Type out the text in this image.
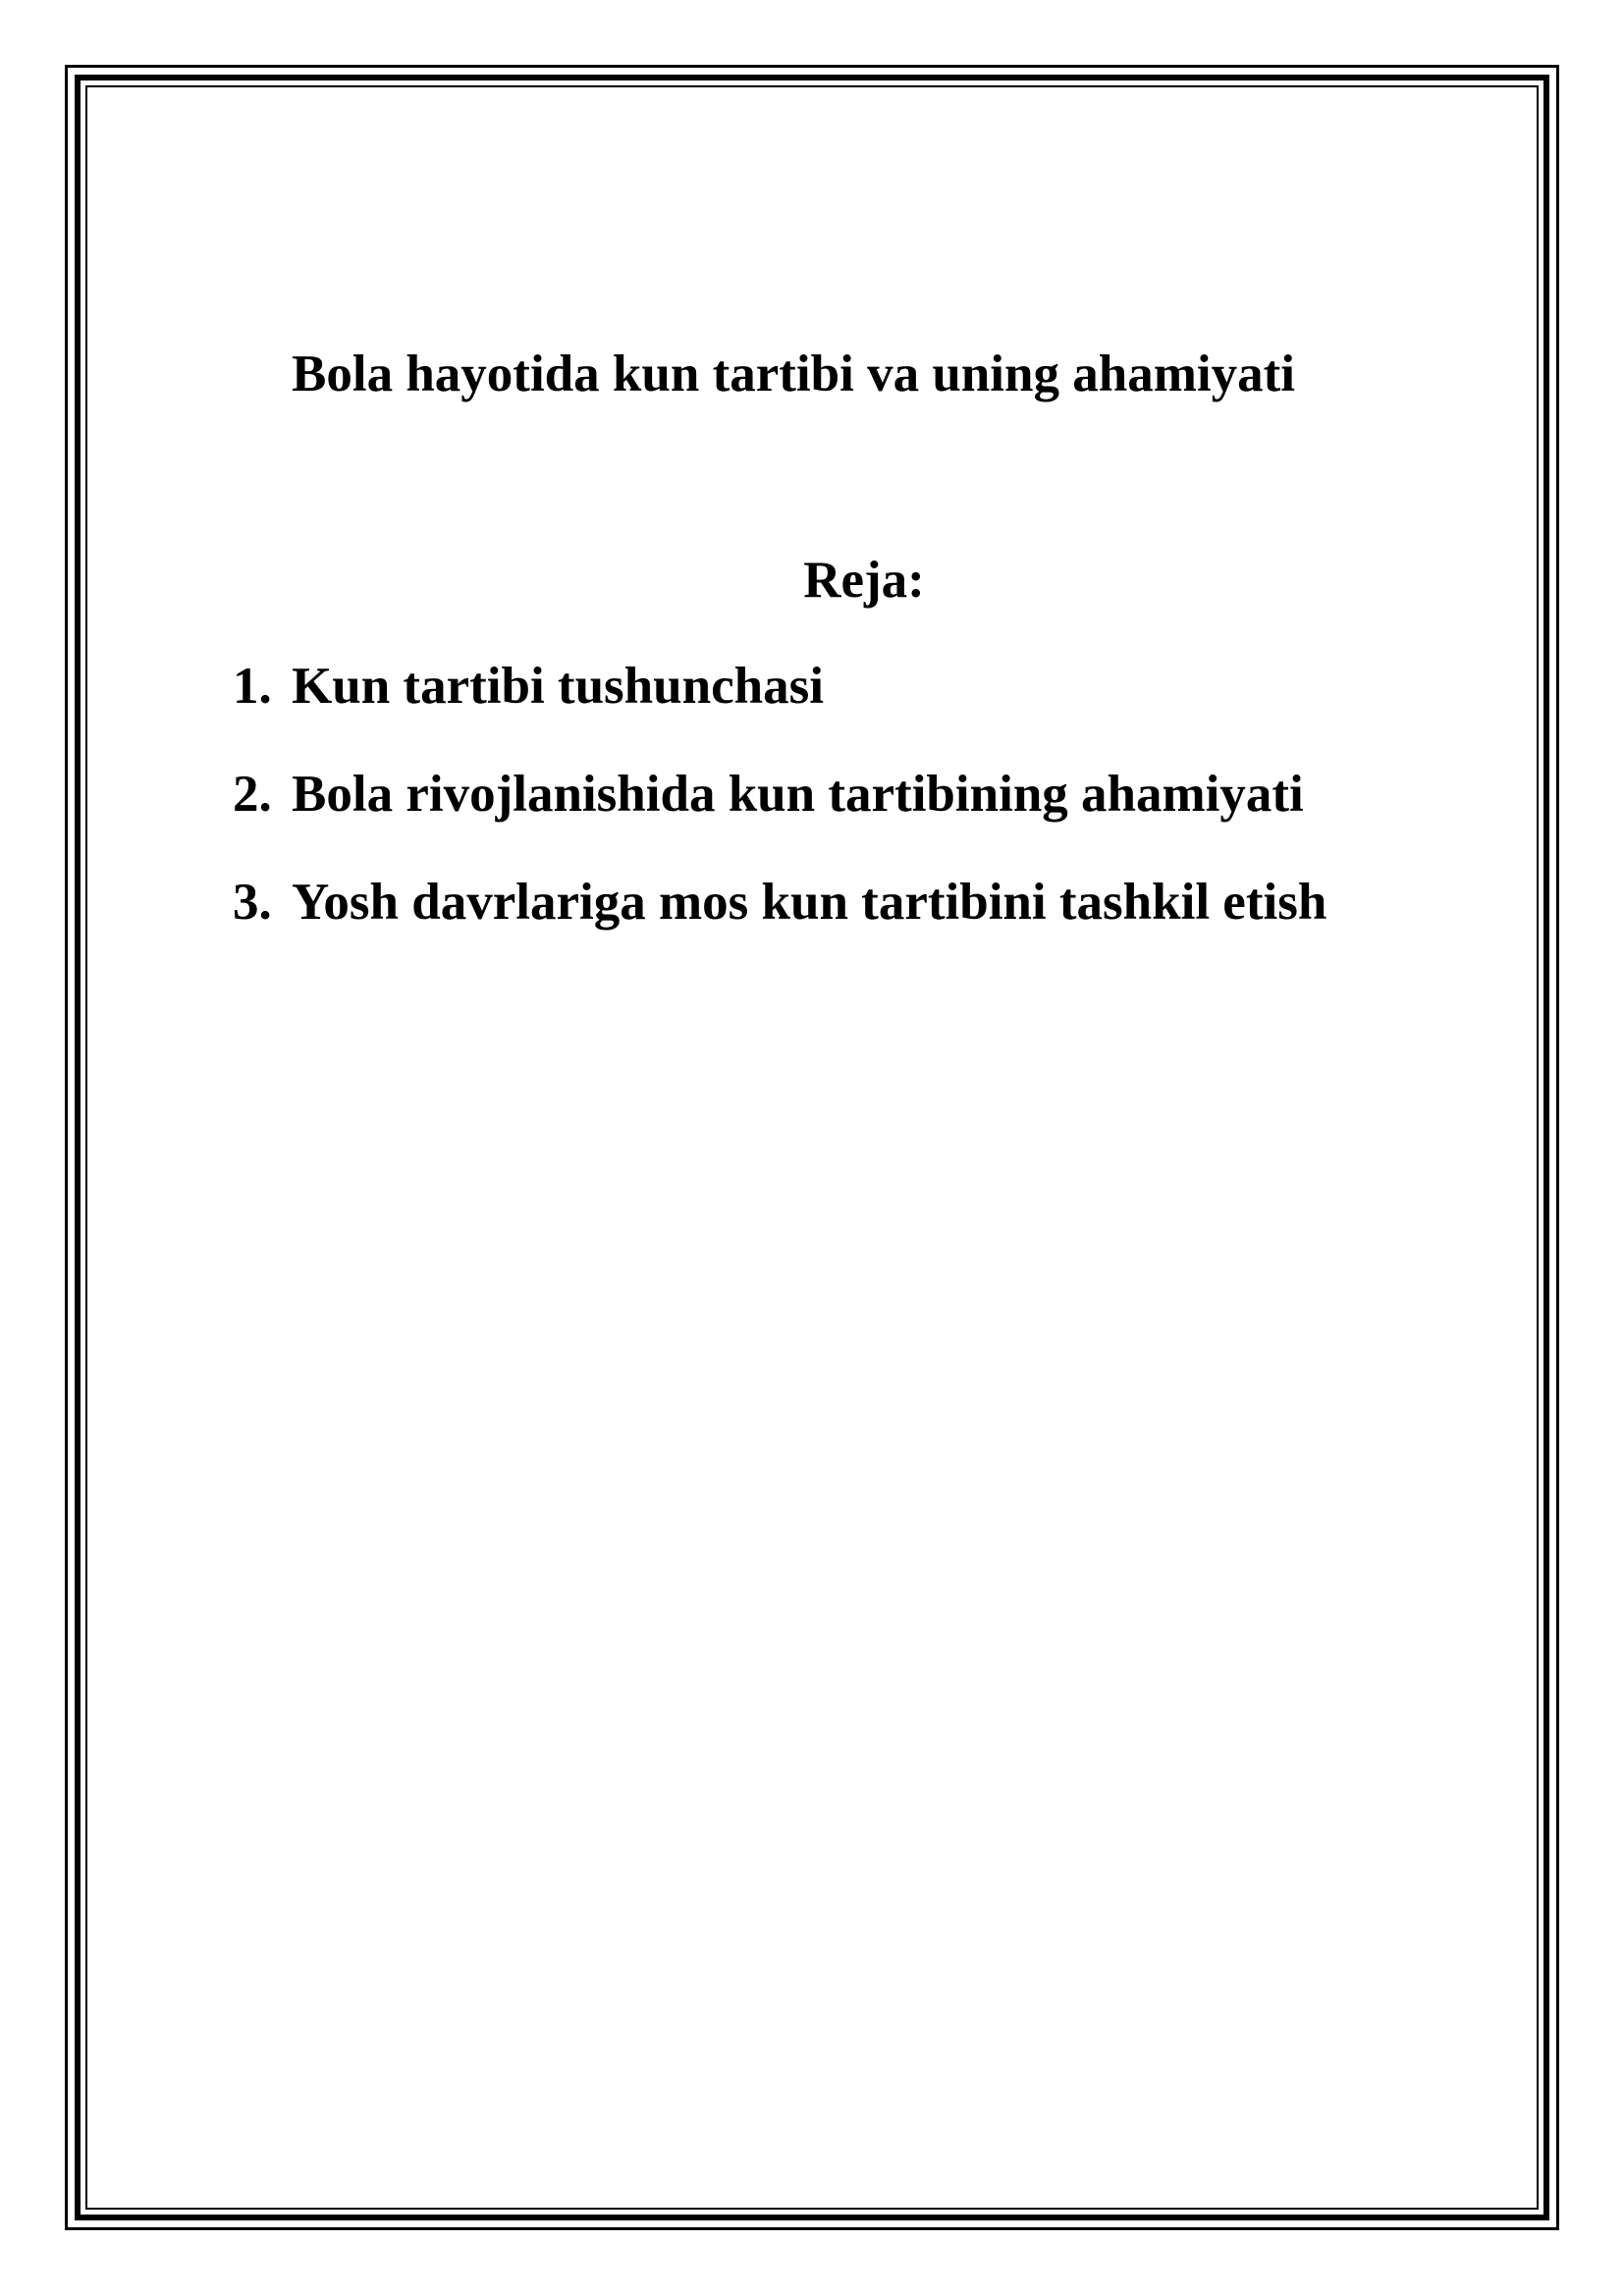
Bola hayotida kun tartibi va uning ahamiyati
Reja:
1. Kun tartibi tushunchasi
2. Bola rivojlanishida kun tartibining ahamiyati
3. Yosh davrlariga mos kun tartibini tashkil etish
